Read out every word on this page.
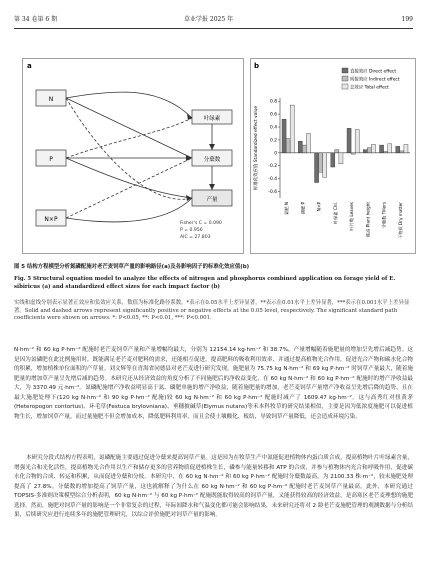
第 34 卷第 6 期	草业学报 2025 年	199
a
N
P
N×P
叶绿素
分蘖数
产量
Fisher's C = 0.090
P = 0.956
AIC = 27.803
b
标准化效应值 Standardized effect value
直接效应 Direct effect
间接效应 Indirect effect
总效应 Total effect
0.8
0.6
0.4
0.2
0
-0.2
-0.4
-0.6
氮肥 N	磷肥 P	N×P	叶绿素 Chl.	叶片数 Leaves	株高 Plant height	分蘖数 Tillers	干物质 Dry matter
图 5 结构方程模型分析氮磷配施对老芒麦饲草产量的影响路径(a)及各影响因子的标准化效应值(b)
Fig. 5 Structural equation model to analyze the effects of nitrogen and phosphorus combined application on forage yield of E. sibiricus (a) and standardized effect sizes for each impact factor (b)
实线和虚线分别表示显著正效应和负效应关系，数值为标准化路径系数。*表示在0.05水平上差异显著，**表示在0.01水平上差异显著，***表示在0.001水平上差异显著。Solid and dashed arrows represent significantly positive or negative effects at the 0.05 level, respectively. The significant standard path coefficients were shown on arrows. *: P<0.05, **: P<0.01, ***: P<0.001.
N·hm⁻² 和 60 kg P·hm⁻² 配施时老芒麦饲草产量和产量增幅均最大，分别为 12154.14 kg·hm⁻² 和 38.7%，产量增幅随着施肥量的增加呈先增后减趋势。这是因为氮磷肥在此比例施用时，既能满足老芒麦对肥料的需求，还能相互促进，提高肥料的吸收利用效率，并通过提高植物光合作用，促进光合产物和碳水化合物的积累，增加植株单位面积的产草量。刘文辉等在青海省同德县对老芒麦进行研究发现，施肥量为 75.75 kg N·hm⁻² 和 69 kg P·hm⁻² 时饲草产量最大，随着施肥量的增加草产量呈先增后减的趋势。本研究还从经济效益的角度分析了不同施肥后的净收益变化，在 60 kg N·hm⁻² 和 60 kg P·hm⁻² 配施时的增产净收益最大，为 3370.49 元·hm⁻²。氮磷配施增产净收益明显高于氮、磷肥单施的增产净收益，随着施肥量的增加，老芒麦饲草产量增产净收益呈先增后降的趋势，且在最大施肥处理下(120 kg N·hm⁻² 和 90 kg P·hm⁻² 配施)较 60 kg N·hm⁻² 和 60 kg P·hm⁻² 配施时减产了 1609.47 kg·hm⁻²。这与高秀红对扭黄茅(Heteropogon contortus)、环毛草(Festuca brylovniana)、垂穗披碱草(Elymus nutans)等禾本科牧草的研究结果相似，主要是因为低浓度施肥可以促进植物生长，增加饲草产量，而过量施肥不但会增加成本，降低肥料利用率，而且会使土壤酸化、板结，导致饲草产量降低，还会造成环境污染。
本研究分段式结构方程表明，氮磷配施主要通过促进分蘖来提高饲草产量。这是因为在牧草生产中氮能促进植物体内蛋白质合成，提高植物叶片叶绿素含量，增强光合和光化活性，提高植物光合作用以生产和储存更多的营养物质促进植株生长，磷参与能量转移和 ATP 的合成，并参与植物体内光合和呼吸作用，促进碳水化合物的合成、转运和积累，从而促进分蘖和分枝。本研究中，在 60 kg N·hm⁻² 和 60 kg P·hm⁻² 配施时分蘖数最高，为 2100.33 株·m⁻²，较未施肥处理提高了 27.8%。分蘖数的增加提高了饲草产量，这也就解释了为什么在 60 kg N·hm⁻² 和 60 kg P·hm⁻² 配施时老芒麦饲草产量最高。此外，本研究通过 TOPSIS-多准则决策模型综合分析表明，60 kg N·hm⁻² 与 60 kg P·hm⁻² 配施既能取得较高的饲草产量，又能获得较高的经济效益，是高寒区老芒麦理想的施肥选择。然而，施肥对饲草产量的影响是一个非常复杂的过程，年际间降水和气温变化都可能会影响结果，未来研究还将对 2 龄老芒麦施肥管理的观测数据与分析结果，后续研究应进行连续多年的施肥管理研究，以综合评价施肥对饲草产量的影响。
